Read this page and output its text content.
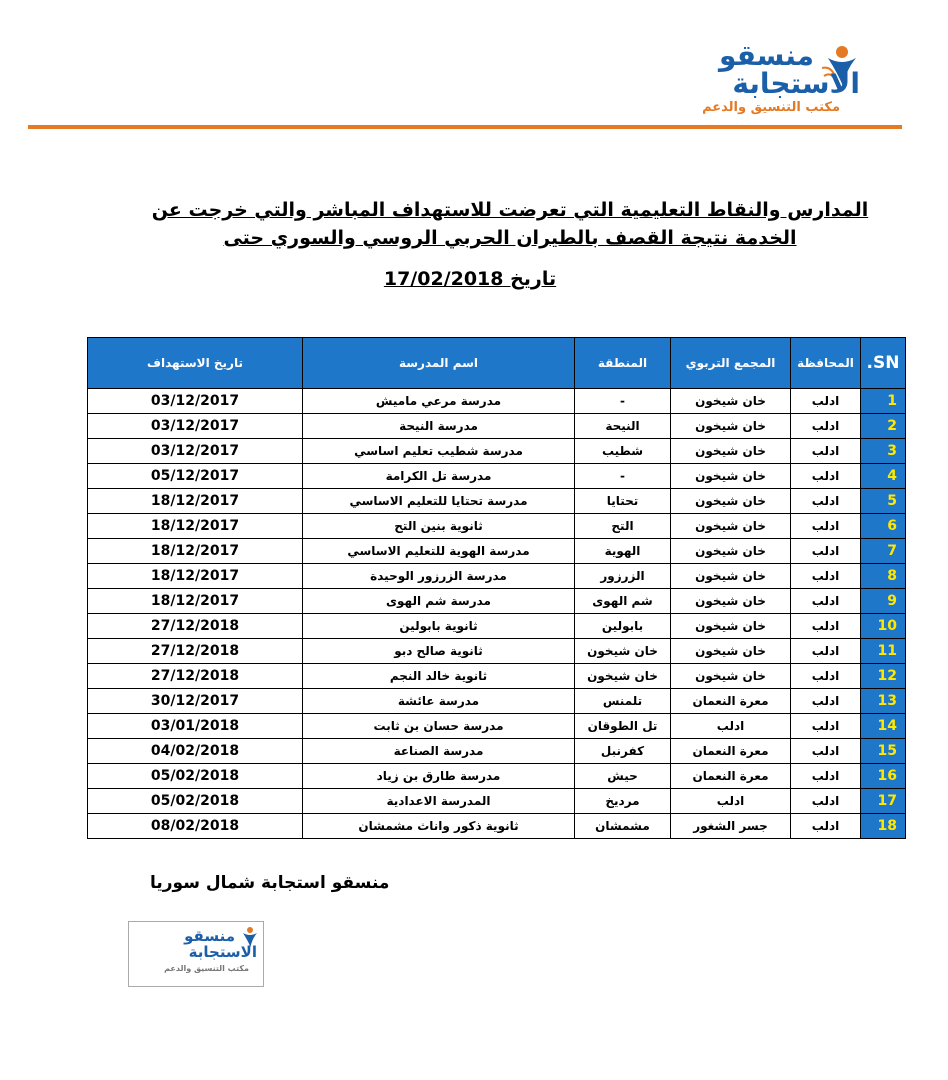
منسقو
الاستجابة
مكتب التنسيق والدعم
المدارس والنقاط التعليمية التي تعرضت للاستهداف المباشر والتي خرجت عن
الخدمة نتيجة القصف بالطيران الحربي الروسي والسوري حتى
تاريخ 17/02/2018
SN.	المحافظة	المجمع التربوي	المنطقة	اسم المدرسة	تاريخ الاستهداف
1	ادلب	خان شيخون	-	مدرسة مرعي ماميش	03/12/2017
2	ادلب	خان شيخون	النيحة	مدرسة النيحة	03/12/2017
3	ادلب	خان شيخون	شطيب	مدرسة شطيب تعليم اساسي	03/12/2017
4	ادلب	خان شيخون	-	مدرسة تل الكرامة	05/12/2017
5	ادلب	خان شيخون	تحتايا	مدرسة تحتايا للتعليم الاساسي	18/12/2017
6	ادلب	خان شيخون	التح	ثانوية بنين التح	18/12/2017
7	ادلب	خان شيخون	الهوية	مدرسة الهوية للتعليم الاساسي	18/12/2017
8	ادلب	خان شيخون	الزرزور	مدرسة الزرزور الوحيدة	18/12/2017
9	ادلب	خان شيخون	شم الهوى	مدرسة شم الهوى	18/12/2017
10	ادلب	خان شيخون	بابولين	ثانوية بابولين	27/12/2018
11	ادلب	خان شيخون	خان شيخون	ثانوية صالح دبو	27/12/2018
12	ادلب	خان شيخون	خان شيخون	ثانوية خالد النجم	27/12/2018
13	ادلب	معرة النعمان	تلمنس	مدرسة عائشة	30/12/2017
14	ادلب	ادلب	تل الطوقان	مدرسة حسان بن ثابت	03/01/2018
15	ادلب	معرة النعمان	كفرنبل	مدرسة الصناعة	04/02/2018
16	ادلب	معرة النعمان	حيش	مدرسة طارق بن زياد	05/02/2018
17	ادلب	ادلب	مرديخ	المدرسة الاعدادية	05/02/2018
18	ادلب	جسر الشغور	مشمشان	ثانوية ذكور واناث مشمشان	08/02/2018
منسقو استجابة شمال سوريا
منسقو
الاستجابة
مكتب التنسيق والدعم
